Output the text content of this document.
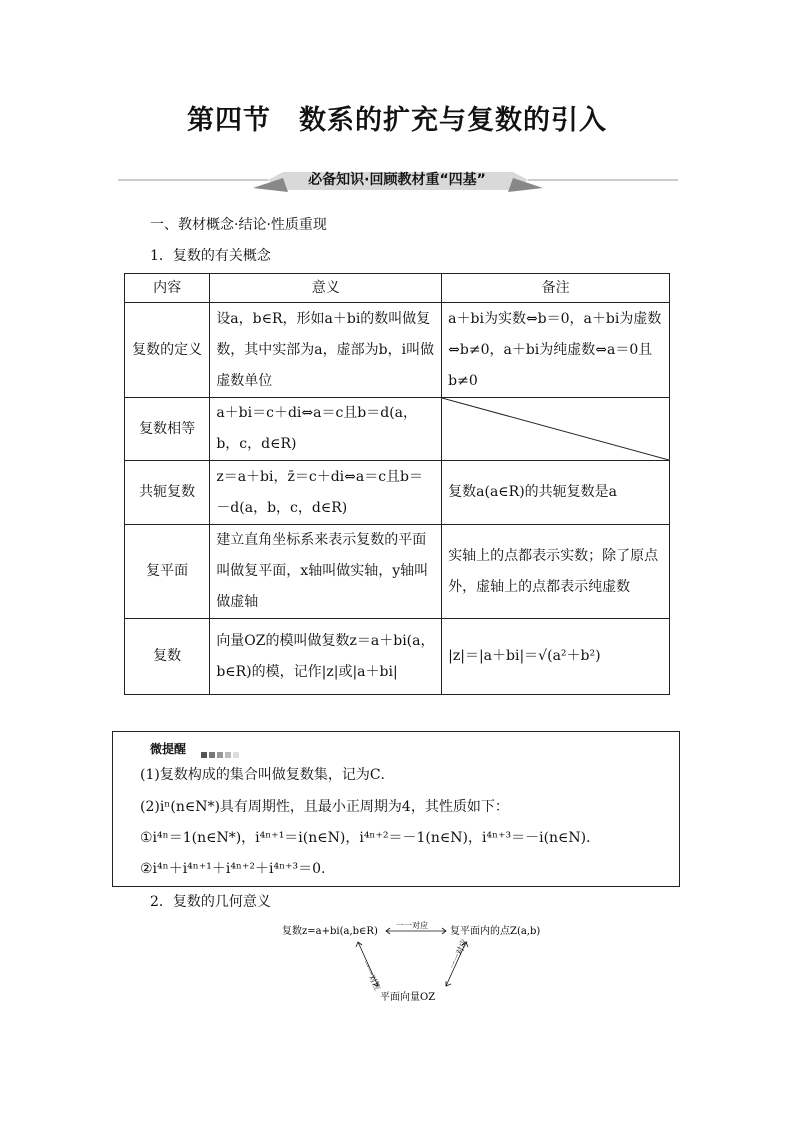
第四节　数系的扩充与复数的引入
必备知识·回顾教材重“四基”
一、教材概念·结论·性质重现
1．复数的有关概念
内容	意义	备注
复数的定义	设a，b∈R，形如a＋bi的数叫做复数，其中实部为a，虚部为b，i叫做虚数单位	a＋bi为实数⇔b＝0，a＋bi为虚数⇔b≠0，a＋bi为纯虚数⇔a＝0且b≠0
复数相等	a＋bi＝c＋di⇔a＝c且b＝d(a，b，c，d∈R)	

共轭复数	z＝a＋bi，z̄＝c＋di⇔a＝c且b＝－d(a，b，c，d∈R)	复数a(a∈R)的共轭复数是a
复平面	建立直角坐标系来表示复数的平面叫做复平面，x轴叫做实轴，y轴叫做虚轴	实轴上的点都表示实数；除了原点外，虚轴上的点都表示纯虚数
复数	向量OZ的模叫做复数z＝a＋bi(a，b∈R)的模，记作|z|或|a＋bi|	|z|＝|a＋bi|＝√(a²＋b²)
微提醒
(1)复数构成的集合叫做复数集，记为C．
(2)iⁿ(n∈N*)具有周期性，且最小正周期为4，其性质如下：
①i⁴ⁿ＝1(n∈N*)，i⁴ⁿ⁺¹＝i(n∈N)，i⁴ⁿ⁺²＝－1(n∈N)，i⁴ⁿ⁺³＝－i(n∈N)．
②i⁴ⁿ＋i⁴ⁿ⁺¹＋i⁴ⁿ⁺²＋i⁴ⁿ⁺³＝0.
2．复数的几何意义
复数z=a+bi(a,b∈R)	复平面内的点Z(a,b)
平面向量OZ
一一对应
一一对应
一一对应
